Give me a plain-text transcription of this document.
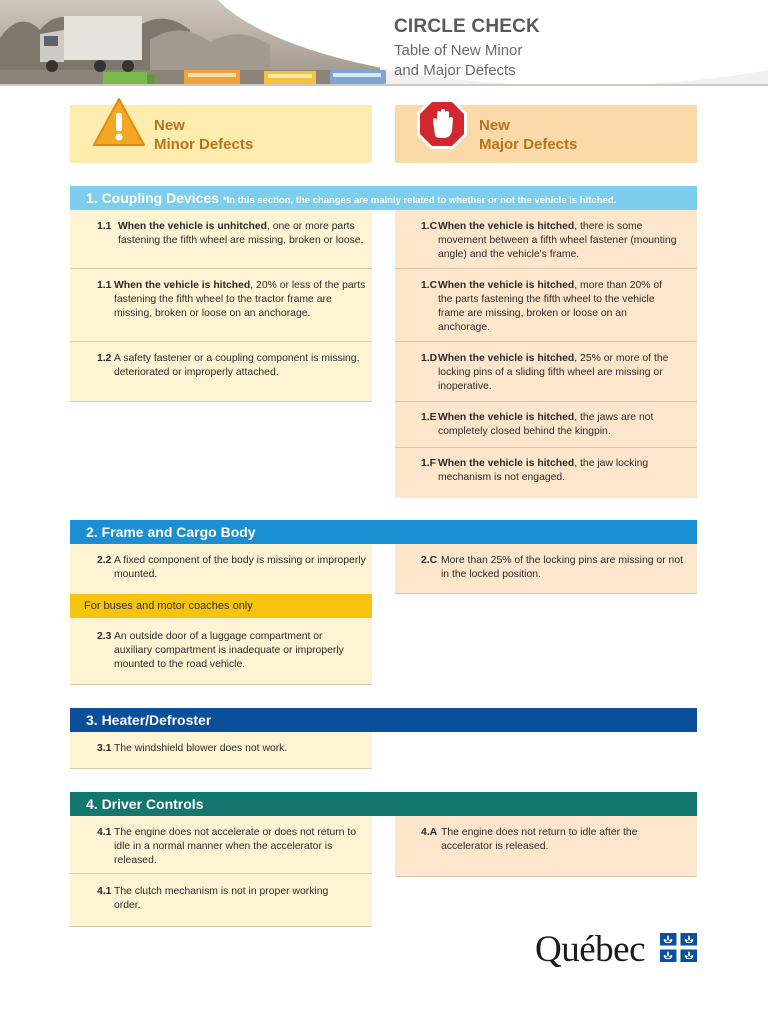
CIRCLE CHECK
Table of New Minor
and Major Defects
New
Minor Defects
New
Major Defects
1. Coupling Devices *In this section, the changes are mainly related to whether or not the vehicle is hitched.
1.1 When the vehicle is unhitched, one or more parts fastening the fifth wheel are missing, broken or loose.
1.1 When the vehicle is hitched, 20% or less of the parts fastening the fifth wheel to the tractor frame are missing, broken or loose on an anchorage.
1.2 A safety fastener or a coupling component is missing, deteriorated or improperly attached.
1.C When the vehicle is hitched, there is some movement between a fifth wheel fastener (mounting angle) and the vehicle's frame.
1.C When the vehicle is hitched, more than 20% of the parts fastening the fifth wheel to the vehicle frame are missing, broken or loose on an anchorage.
1.D When the vehicle is hitched, 25% or more of the locking pins of a sliding fifth wheel are missing or inoperative.
1.E When the vehicle is hitched, the jaws are not completely closed behind the kingpin.
1.F When the vehicle is hitched, the jaw locking mechanism is not engaged.
2. Frame and Cargo Body
2.2 A fixed component of the body is missing or improperly mounted.
2.C More than 25% of the locking pins are missing or not in the locked position.
For buses and motor coaches only
2.3 An outside door of a luggage compartment or auxiliary compartment is inadequate or improperly mounted to the road vehicle.
3. Heater/Defroster
3.1 The windshield blower does not work.
4. Driver Controls
4.1 The engine does not accelerate or does not return to idle in a normal manner when the accelerator is released.
4.1 The clutch mechanism is not in proper working order.
4.A The engine does not return to idle after the accelerator is released.
Québec
